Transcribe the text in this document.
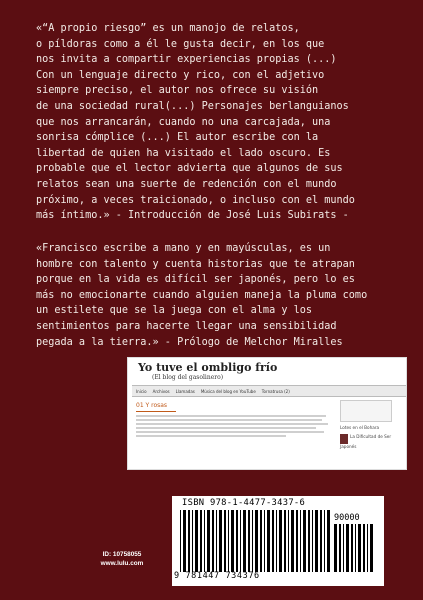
«“A propio riesgo” es un manojo de relatos,
o píldoras como a él le gusta decir, en los que
nos invita a compartir experiencias propias (...)
Con un lenguaje directo y rico, con el adjetivo
siempre preciso, el autor nos ofrece su visión
de una sociedad rural(...) Personajes berlanguianos
que nos arrancarán, cuando no una carcajada, una
sonrisa cómplice (...) El autor escribe con la
libertad de quien ha visitado el lado oscuro. Es
probable que el lector advierta que algunos de sus
relatos sean una suerte de redención con el mundo
próximo, a veces traicionado, o incluso con el mundo
más íntimo.» - Introducción de José Luis Subirats -

«Francisco escribe a mano y en mayúsculas, es un
hombre con talento y cuenta historias que te atrapan
porque en la vida es difícil ser japonés, pero lo es
más no emocionarte cuando alguien maneja la pluma como
un estilete que se la juega con el alma y los
sentimientos para hacerte llegar una sensibilidad
pegada a la tierra.» - Prólogo de Melchor Miralles

Yo tuve el ombligo frío
(El blog del gasolinero)
Inicio Archivos Llamadas Música del blog en YouTube Tornatrusa (2)
01 Y rosas
Lotes en el Bohara
La Dificultad de Ser Japonés
ID: 10758055
www.lulu.com
ISBN 978-1-4477-3437-6
90000
9 781447 734376
